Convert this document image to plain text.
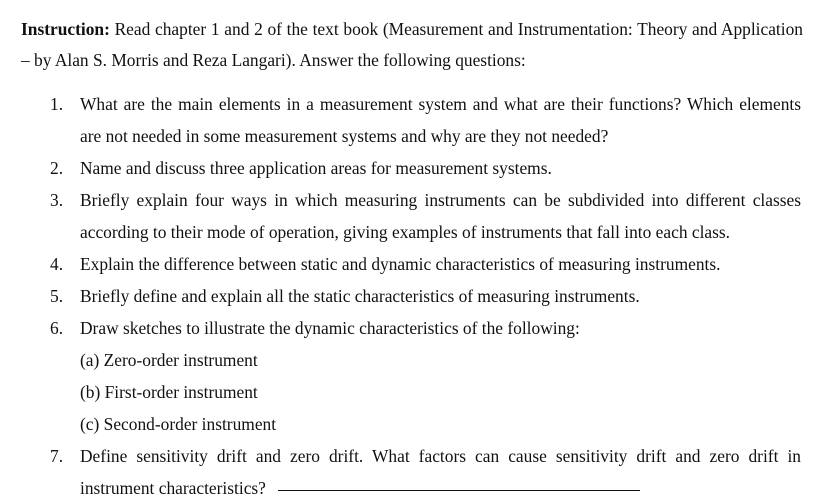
Instruction: Read chapter 1 and 2 of the text book (Measurement and Instrumentation: Theory and Application – by Alan S. Morris and Reza Langari). Answer the following questions:
1. What are the main elements in a measurement system and what are their functions? Which elements are not needed in some measurement systems and why are they not needed?
2. Name and discuss three application areas for measurement systems.
3. Briefly explain four ways in which measuring instruments can be subdivided into different classes according to their mode of operation, giving examples of instruments that fall into each class.
4. Explain the difference between static and dynamic characteristics of measuring instruments.
5. Briefly define and explain all the static characteristics of measuring instruments.
6. Draw sketches to illustrate the dynamic characteristics of the following:
(a) Zero-order instrument
(b) First-order instrument
(c) Second-order instrument
7. Define sensitivity drift and zero drift. What factors can cause sensitivity drift and zero drift in instrument characteristics?
